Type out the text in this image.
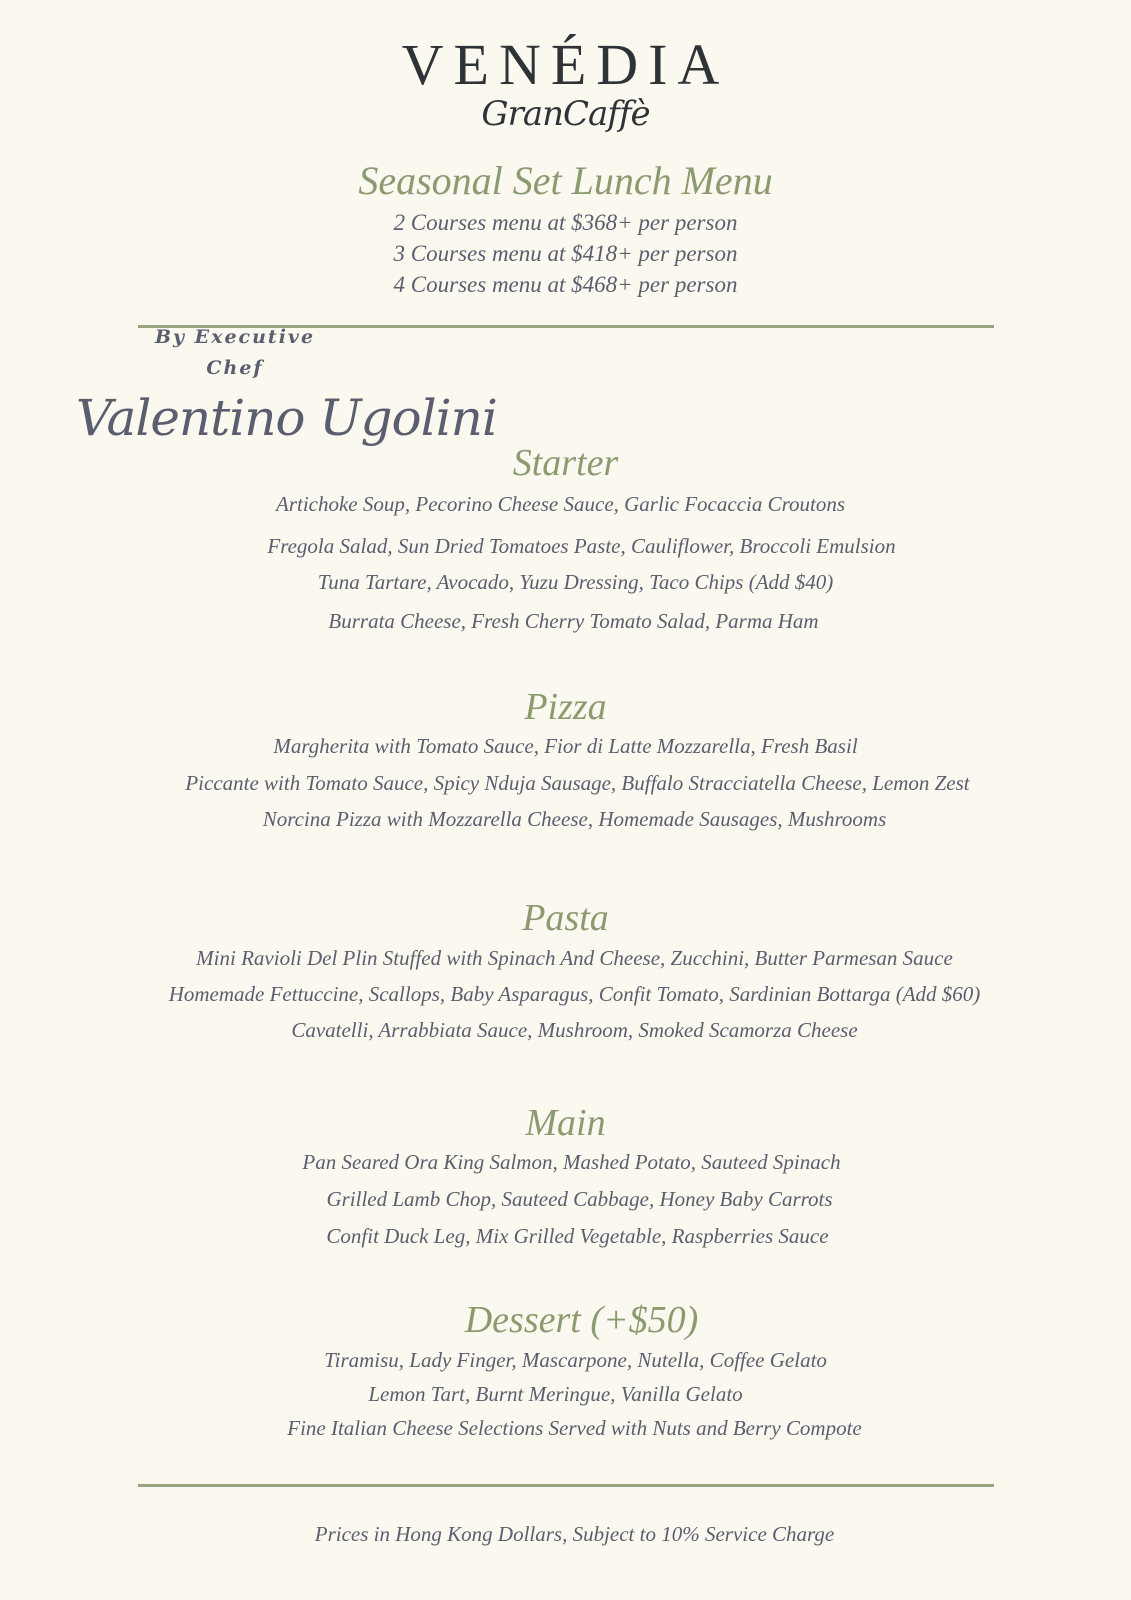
VENÉDIA
GranCaffè
Seasonal Set Lunch Menu
2 Courses menu at $368+ per person
3 Courses menu at $418+ per person
4 Courses menu at $468+ per person
By Executive
Chef
Valentino Ugolini
Starter
Artichoke Soup, Pecorino Cheese Sauce, Garlic Focaccia Croutons
Fregola Salad, Sun Dried Tomatoes Paste, Cauliflower, Broccoli Emulsion
Tuna Tartare, Avocado, Yuzu Dressing, Taco Chips (Add $40)
Burrata Cheese, Fresh Cherry Tomato Salad, Parma Ham
Pizza
Margherita with Tomato Sauce, Fior di Latte Mozzarella, Fresh Basil
Piccante with Tomato Sauce, Spicy Nduja Sausage, Buffalo Stracciatella Cheese, Lemon Zest
Norcina Pizza with Mozzarella Cheese, Homemade Sausages, Mushrooms
Pasta
Mini Ravioli Del Plin Stuffed with Spinach And Cheese, Zucchini, Butter Parmesan Sauce
Homemade Fettuccine, Scallops, Baby Asparagus, Confit Tomato, Sardinian Bottarga (Add $60)
Cavatelli, Arrabbiata Sauce, Mushroom, Smoked Scamorza Cheese
Main
Pan Seared Ora King Salmon, Mashed Potato, Sauteed Spinach
Grilled Lamb Chop, Sauteed Cabbage, Honey Baby Carrots
Confit Duck Leg, Mix Grilled Vegetable, Raspberries Sauce
Dessert (+$50)
Tiramisu, Lady Finger, Mascarpone, Nutella, Coffee Gelato
Lemon Tart, Burnt Meringue, Vanilla Gelato
Fine Italian Cheese Selections Served with Nuts and Berry Compote
Prices in Hong Kong Dollars, Subject to 10% Service Charge
